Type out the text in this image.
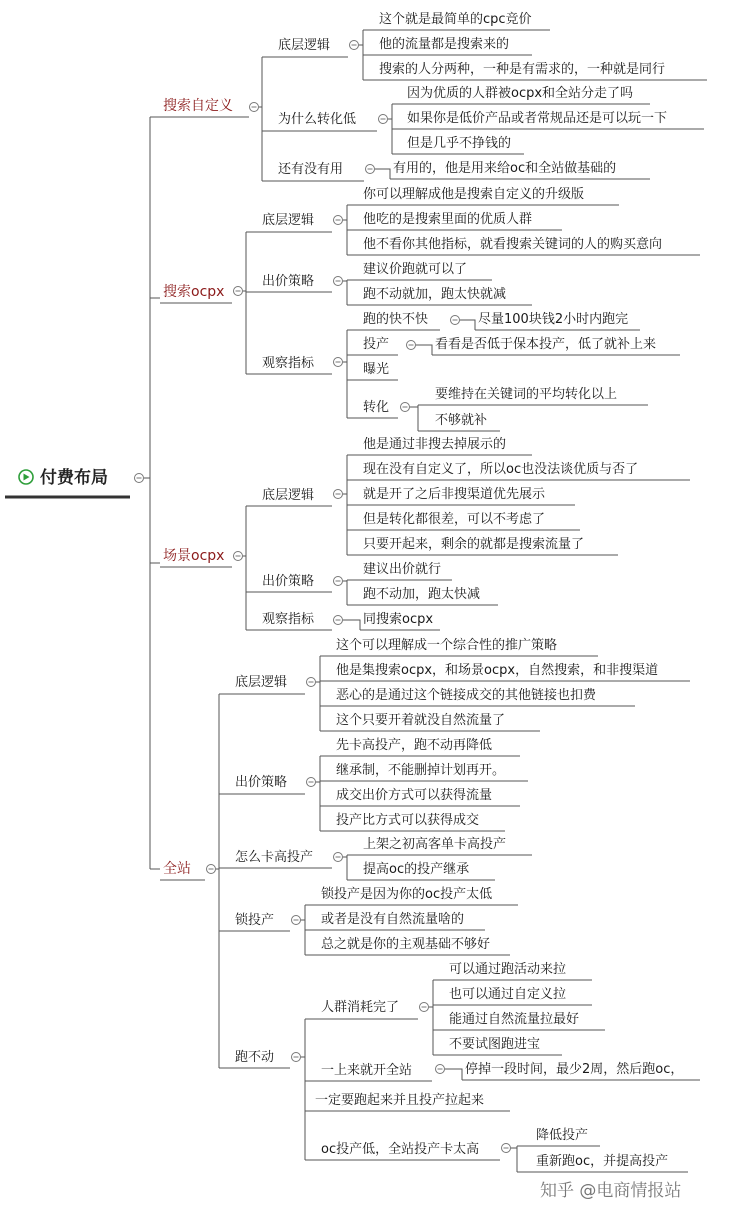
付费布局
搜索自定义
底层逻辑
这个就是最简单的cpc竞价
他的流量都是搜索来的
搜索的人分两种，一种是有需求的，一种就是同行
为什么转化低
因为优质的人群被ocpx和全站分走了吗
如果你是低价产品或者常规品还是可以玩一下
但是几乎不挣钱的
还有没有用	有用的，他是用来给oc和全站做基础的
搜索ocpx
底层逻辑
你可以理解成他是搜索自定义的升级版
他吃的是搜索里面的优质人群
他不看你其他指标，就看搜索关键词的人的购买意向
出价策略
建议价跑就可以了
跑不动就加，跑太快就减
观察指标
跑的快不快	尽量100块钱2小时内跑完
投产	看看是否低于保本投产，低了就补上来
曝光
转化
要维持在关键词的平均转化以上
不够就补
场景ocpx
底层逻辑
他是通过非搜去掉展示的
现在没有自定义了，所以oc也没法谈优质与否了
就是开了之后非搜渠道优先展示
但是转化都很差，可以不考虑了
只要开起来，剩余的就都是搜索流量了
出价策略
建议出价就行
跑不动加，跑太快减
观察指标	同搜索ocpx
全站
底层逻辑
这个可以理解成一个综合性的推广策略
他是集搜索ocpx，和场景ocpx，自然搜索，和非搜渠道
恶心的是通过这个链接成交的其他链接也扣费
这个只要开着就没自然流量了
出价策略
先卡高投产，跑不动再降低
继承制，不能删掉计划再开。
成交出价方式可以获得流量
投产比方式可以获得成交
怎么卡高投产
上架之初高客单卡高投产
提高oc的投产继承
锁投产
锁投产是因为你的oc投产太低
或者是没有自然流量啥的
总之就是你的主观基础不够好
跑不动
人群消耗完了
可以通过跑活动来拉
也可以通过自定义拉
能通过自然流量拉最好
不要试图跑进宝
一上来就开全站	停掉一段时间，最少2周，然后跑oc，
一定要跑起来并且投产拉起来
oc投产低，全站投产卡太高
降低投产
重新跑oc，并提高投产
知乎 @电商情报站
